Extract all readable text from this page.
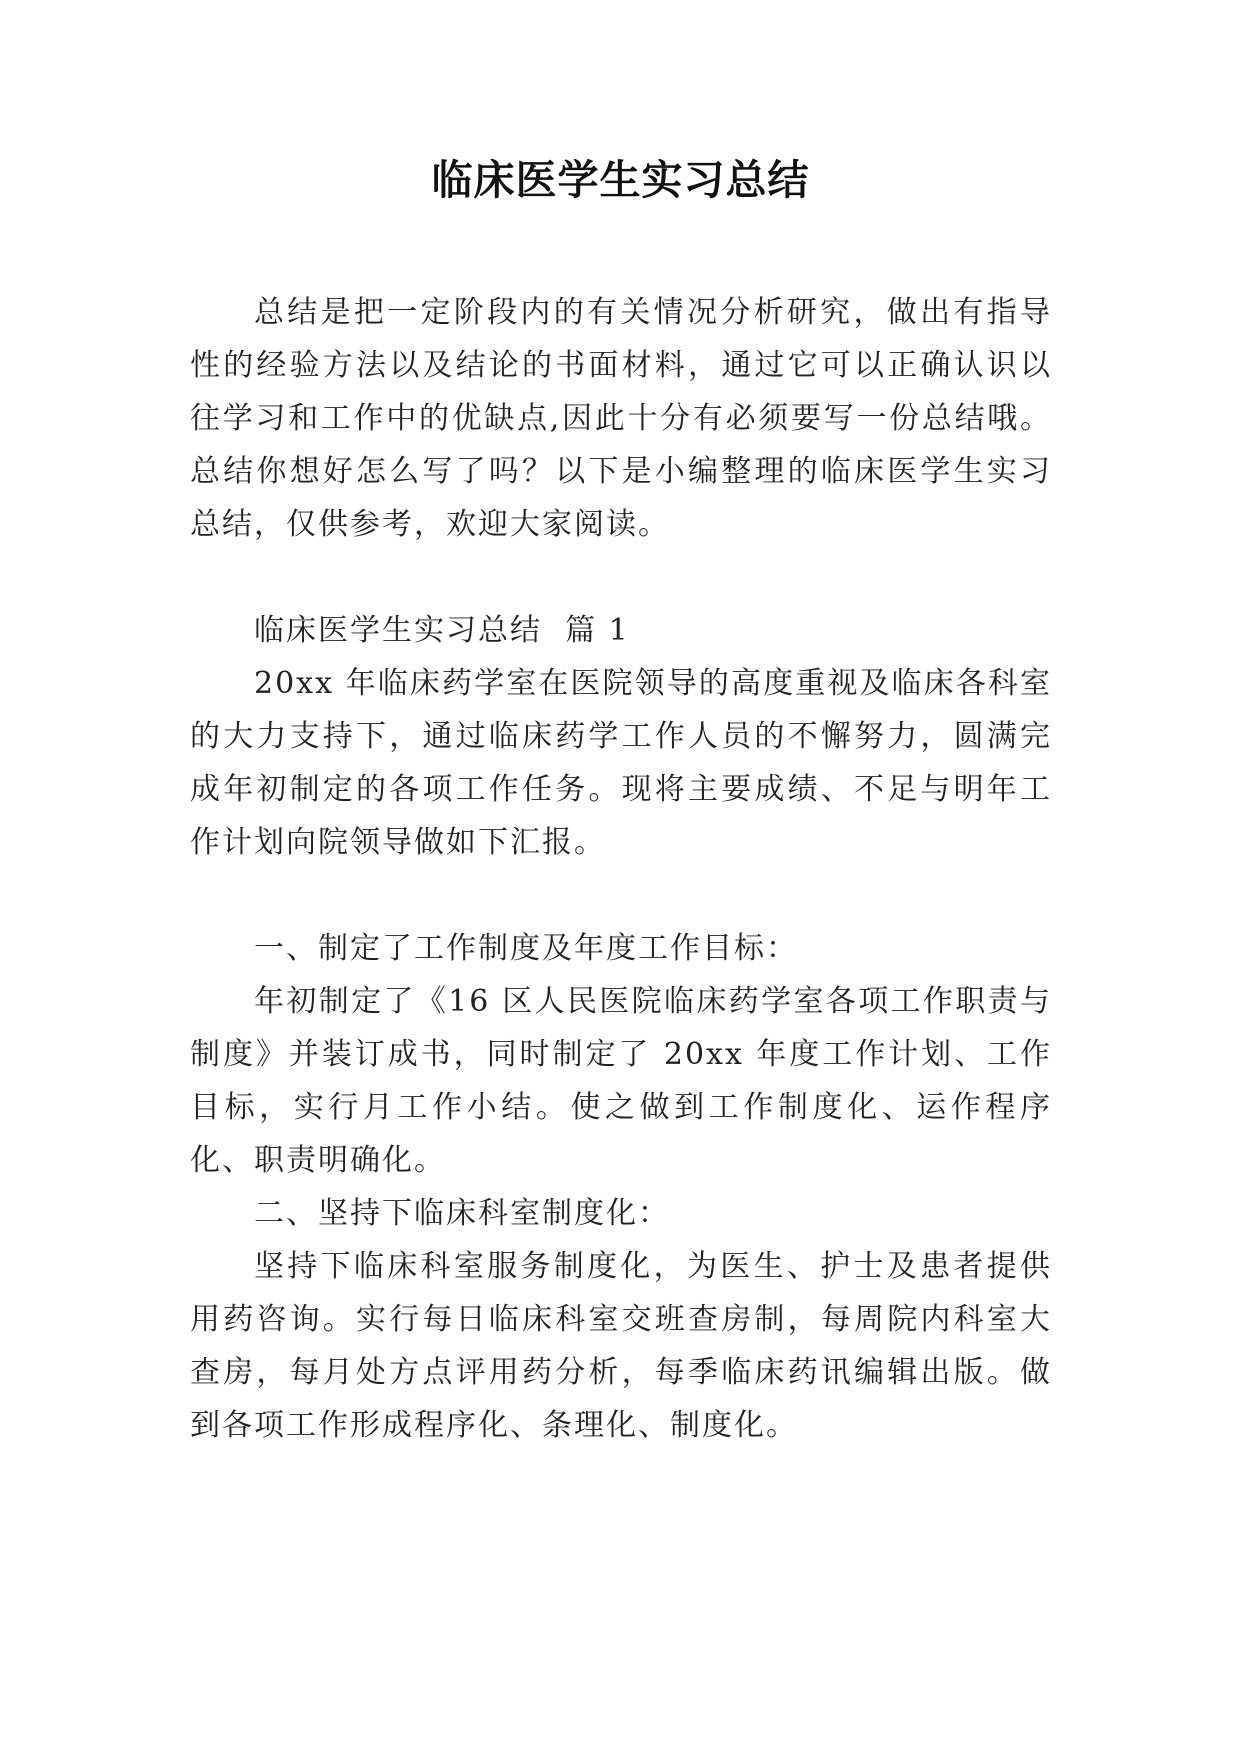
临床医学生实习总结

总结是把一定阶段内的有关情况分析研究，做出有指导性的经验方法以及结论的书面材料，通过它可以正确认识以往学习和工作中的优缺点,因此十分有必须要写一份总结哦。总结你想好怎么写了吗？以下是小编整理的临床医学生实习总结，仅供参考，欢迎大家阅读。

临床医学生实习总结  篇 1

20xx 年临床药学室在医院领导的高度重视及临床各科室的大力支持下，通过临床药学工作人员的不懈努力，圆满完成年初制定的各项工作任务。现将主要成绩、不足与明年工作计划向院领导做如下汇报。

一、制定了工作制度及年度工作目标：

年初制定了《16 区人民医院临床药学室各项工作职责与制度》并装订成书，同时制定了 20xx 年度工作计划、工作目标，实行月工作小结。使之做到工作制度化、运作程序化、职责明确化。

二、坚持下临床科室制度化：

坚持下临床科室服务制度化，为医生、护士及患者提供用药咨询。实行每日临床科室交班查房制，每周院内科室大查房，每月处方点评用药分析，每季临床药讯编辑出版。做到各项工作形成程序化、条理化、制度化。
